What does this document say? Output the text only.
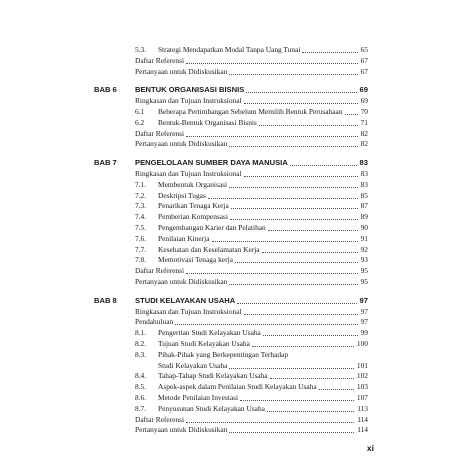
5.3. Strategi Mendapatkan Modal Tanpa Uang Tunai	65
Daftar Referensi	67
Pertanyaan untuk Didiskusikan	67
BAB 6 BENTUK ORGANISASI BISNIS	69
Ringkasan dan Tujuan Instruksional	69
6.1 Beberapa Pertimbangan Sebelum Memilih Bentuk Perusahaan 70
6.2 Bentuk-Bentuk Organisasi Bisnis	71
Daftar Referensi	82
Pertanyaan untuk Didiskusikan	82
BAB 7 PENGELOLAAN SUMBER DAYA MANUSIA	83
Ringkasan dan Tujuan Instruksional	83
7.1. Membentuk Organisasi	83
7.2. Deskripsi Tugas	85
7.3. Penarikan Tenaga Kerja	87
7.4. Pemberian Kompensasi	89
7.5. Pengembangan Karier dan Pelatihan	90
7.6. Penilaian Kinerja	91
7.7. Kesehatan dan Keselamatan Kerja	92
7.8. Memotivasi Tenaga kerja	93
Daftar Referensi	95
Pertanyaan untuk Didiskusikan	95
BAB 8 STUDI KELAYAKAN USAHA	97
Ringkasan dan Tujuan Instruksional	97
Pendahuluan	97
8.1. Pengertian Studi Kelayakan Usaha	99
8.2. Tujuan Studi Kelayakan Usaha	100
8.3. Pihak-Pihak yang Berkepentingan Terhadap
Studi Kelayakan Usaha	101
8.4. Tahap-Tahap Studi Kelayakan Usaha	102
8.5. Aspek-aspek dalam Penilaian Studi Kelayakan Usaha	103
8.6. Metode Penilaian Investasi	107
8.7. Penyusunan Studi Kelayakan Usaha	113
Daftar Referensi	114
Pertanyaan untuk Didiskusikan	114
xi
